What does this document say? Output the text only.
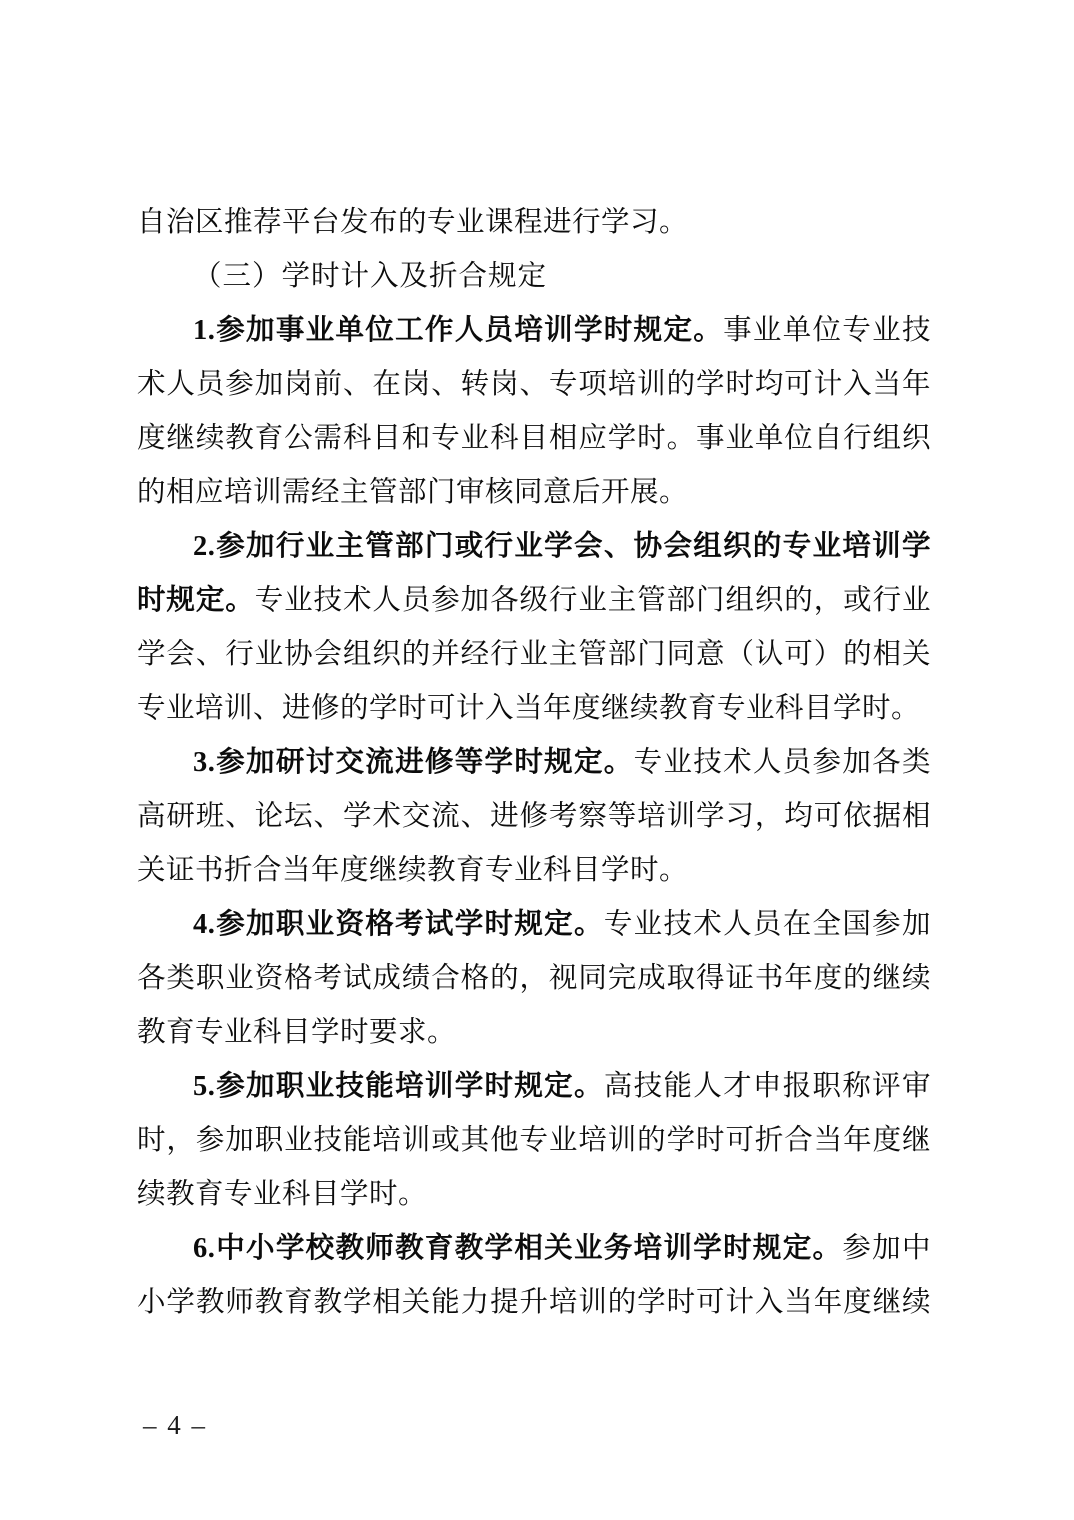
自治区推荐平台发布的专业课程进行学习。
（三）学时计入及折合规定
1.参加事业单位工作人员培训学时规定。事业单位专业技
术人员参加岗前、在岗、转岗、专项培训的学时均可计入当年
度继续教育公需科目和专业科目相应学时。事业单位自行组织
的相应培训需经主管部门审核同意后开展。
2.参加行业主管部门或行业学会、协会组织的专业培训学
时规定。专业技术人员参加各级行业主管部门组织的，或行业
学会、行业协会组织的并经行业主管部门同意（认可）的相关
专业培训、进修的学时可计入当年度继续教育专业科目学时。
3.参加研讨交流进修等学时规定。专业技术人员参加各类
高研班、论坛、学术交流、进修考察等培训学习，均可依据相
关证书折合当年度继续教育专业科目学时。
4.参加职业资格考试学时规定。专业技术人员在全国参加
各类职业资格考试成绩合格的，视同完成取得证书年度的继续
教育专业科目学时要求。
5.参加职业技能培训学时规定。高技能人才申报职称评审
时，参加职业技能培训或其他专业培训的学时可折合当年度继
续教育专业科目学时。
6.中小学校教师教育教学相关业务培训学时规定。参加中
小学教师教育教学相关能力提升培训的学时可计入当年度继续
– 4 –
